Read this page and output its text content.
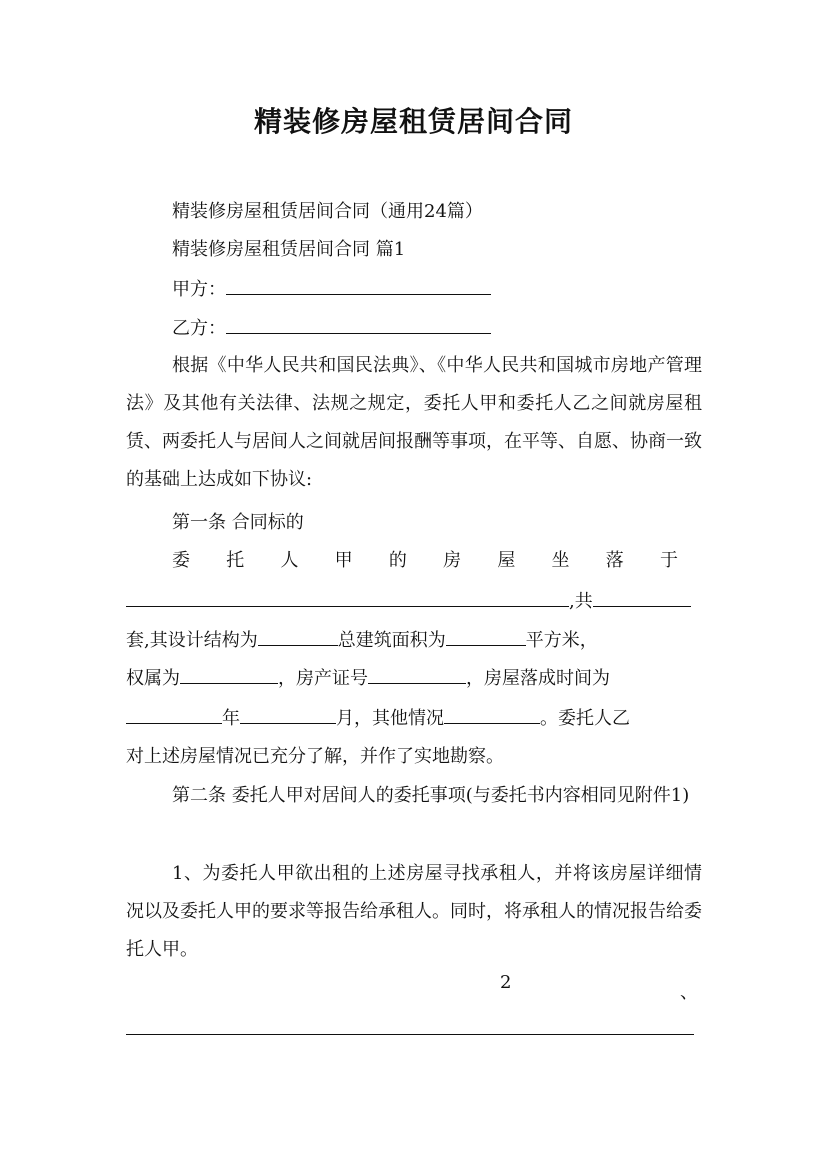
精装修房屋租赁居间合同

精装修房屋租赁居间合同（通用24篇）

精装修房屋租赁居间合同 篇1

甲方：

乙方：

根据《中华人民共和国民法典》、《中华人民共和国城市房地产管理法》及其他有关法律、法规之规定，委托人甲和委托人乙之间就房屋租赁、两委托人与居间人之间就居间报酬等事项，在平等、自愿、协商一致的基础上达成如下协议:

第一条 合同标的

委托人甲的房屋坐落于

,共

套,其设计结构为	总建筑面积为	平方米，

权属为	，房产证号	，房屋落成时间为

年	月，其他情况	。委托人乙

对上述房屋情况已充分了解，并作了实地勘察。

第二条 委托人甲对居间人的委托事项(与委托书内容相同见附件1)

1、为委托人甲欲出租的上述房屋寻找承租人，并将该房屋详细情况以及委托人甲的要求等报告给承租人。同时，将承租人的情况报告给委托人甲。

2	、
